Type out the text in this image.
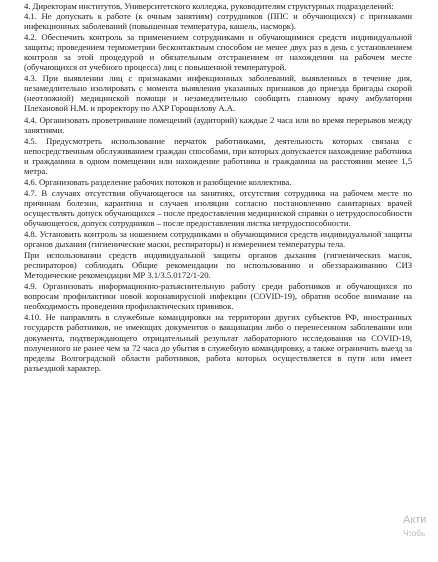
4. Директорам институтов, Университетского колледжа, руководителям структурных подразделений:

4.1. Не допускать к работе (к очным занятиям) сотрудников (ППС и обучающихся) с признаками инфекционных заболеваний (повышенная температура, кашель, насморк).

4.2. Обеспечить контроль за применением сотрудниками и обучающимися средств индивидуальной защиты; проведением термометрии бесконтактным способом не менее двух раз в день с установлением контроля за этой процедурой и обязательным отстранением от нахождения на рабочем месте (обучающихся от учебного процесса) лиц с повышенной температурой.

4.3. При выявлении лиц с признаками инфекционных заболеваний, выявленных в течение дня, незамедлительно изолировать с момента выявления указанных признаков до приезда бригады скорой (неотложной) медицинской помощи и незамедлительно сообщить главному врачу амбулатории Плехановой Н.М. и проректору по АХР Горощилову А.А.

4.4. Организовать проветривание помещений (аудиторий) каждые 2 часа или во время перерывов между занятиями.

4.5. Предусмотреть использование перчаток работниками, деятельность которых связана с непосредственным обслуживанием граждан способами, при которых допускается нахождение работника и гражданина в одном помещении или нахождение работника и гражданина на расстоянии менее 1,5 метра.

4.6. Организовать разделение рабочих потоков и разобщение коллектива.

4.7. В случаях отсутствия обучающегося на занятиях, отсутствия сотрудника на рабочем месте по причинам болезни, карантина и случаев изоляции согласно постановлению санитарных врачей осуществлять допуск обучающихся – после предоставления медицинской справки о нетрудоспособности обучающегося, допуск сотрудников – после предоставления листка нетрудоспособности.

4.8. Установить контроль за ношением сотрудниками и обучающимися средств индивидуальной защиты органов дыхания (гигиенические маски, респираторы) и измерением температуры тела.

При использовании средств индивидуальной защиты органов дыхания (гигиенических масок, респираторов) соблюдать Общие рекомендации по использованию и обеззараживанию СИЗ Методические рекомендации МР 3.1/3.5.0172/1-20.

4.9. Организовать информационно-разъяснительную работу среди работников и обучающихся по вопросам профилактики новой коронавирусной инфекции (COVID-19), обратив особое внимание на необходимость проведения профилактических прививок.

4.10. Не направлять в служебные командировки на территории других субъектов РФ, иностранных государств работников, не имеющих документов о вакцинации либо о перенесенном заболевании или документа, подтверждающего отрицательный результат лабораторного исследования на COVID-19, полученного не ранее чем за 72 часа до убытия в служебную командировку, а также ограничить выезд за пределы Волгоградской области работников, работа которых осуществляется в пути или имеет разъездной характер.

Акти
Чтобь
